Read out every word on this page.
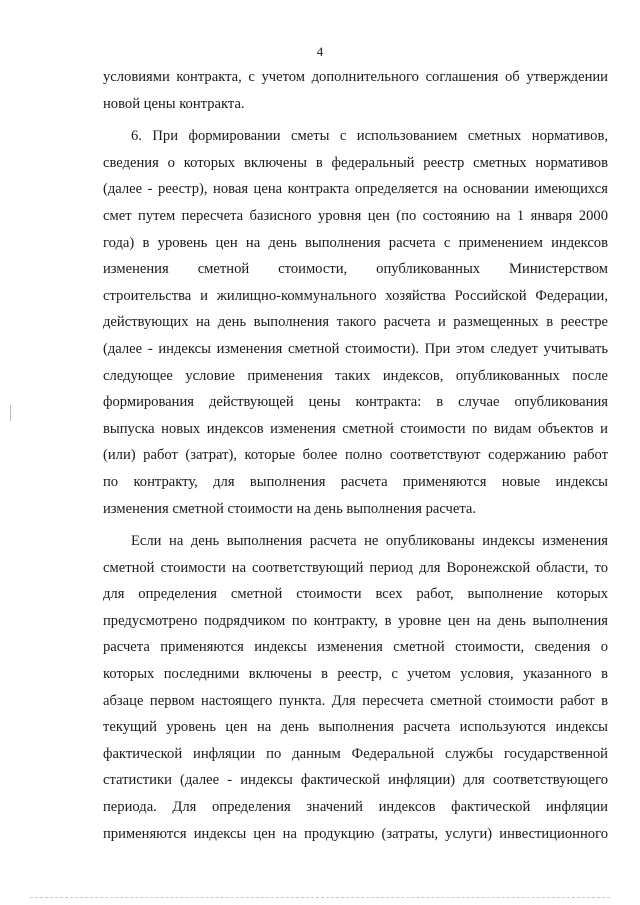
4

условиями контракта, с учетом дополнительного соглашения об утверждении
новой цены контракта.

6. При формировании сметы с использованием сметных нормативов,
сведения о которых включены в федеральный реестр сметных нормативов
(далее - реестр), новая цена контракта определяется на основании имеющихся
смет путем пересчета базисного уровня цен (по состоянию на 1 января 2000
года) в уровень цен на день выполнения расчета с применением индексов
изменения сметной стоимости, опубликованных Министерством
строительства и жилищно-коммунального хозяйства Российской Федерации,
действующих на день выполнения такого расчета и размещенных в реестре
(далее - индексы изменения сметной стоимости). При этом следует учитывать
следующее условие применения таких индексов, опубликованных после
формирования действующей цены контракта: в случае опубликования
выпуска новых индексов изменения сметной стоимости по видам объектов и
(или) работ (затрат), которые более полно соответствуют содержанию работ
по контракту, для выполнения расчета применяются новые индексы
изменения сметной стоимости на день выполнения расчета.

Если на день выполнения расчета не опубликованы индексы изменения
сметной стоимости на соответствующий период для Воронежской области, то
для определения сметной стоимости всех работ, выполнение которых
предусмотрено подрядчиком по контракту, в уровне цен на день выполнения
расчета применяются индексы изменения сметной стоимости, сведения о
которых последними включены в реестр, с учетом условия, указанного в
абзаце первом настоящего пункта. Для пересчета сметной стоимости работ в
текущий уровень цен на день выполнения расчета используются индексы
фактической инфляции по данным Федеральной службы государственной
статистики (далее - индексы фактической инфляции) для соответствующего
периода. Для определения значений индексов фактической инфляции
применяются индексы цен на продукцию (затраты, услуги) инвестиционного
